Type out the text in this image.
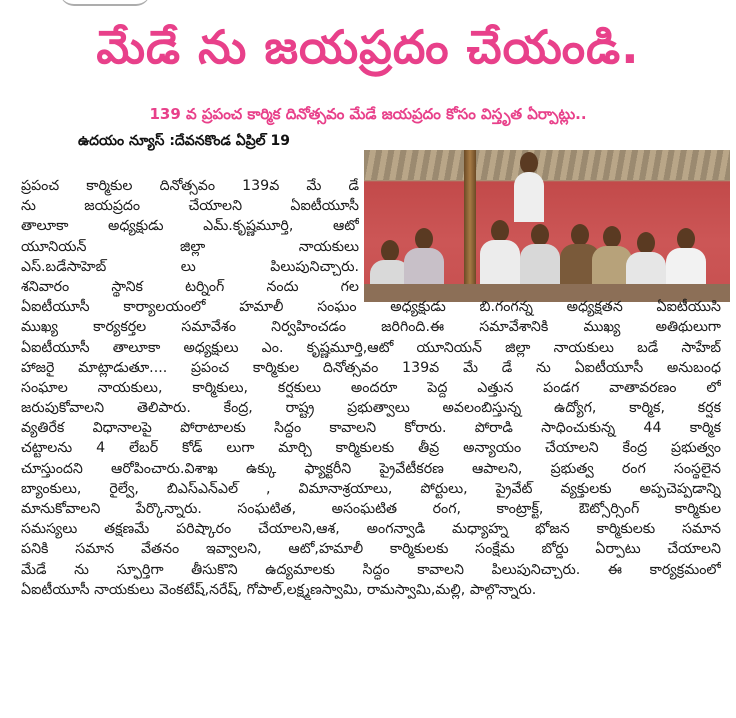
మేడే ను జయప్రదం చేయండి.
139 వ ప్రపంచ కార్మిక దినోత్సవం మేడే జయప్రదం కోసం విస్తృత ఏర్పాట్లు..
ఉదయం న్యూస్ :దేవనకొండ ఏప్రిల్ 19
ప్రపంచ కార్మికుల దినోత్సవం 139వ మే డే
ను జయప్రదం చేయాలని ఏఐటీయూసీ
తాలూకా అధ్యక్షుడు ఎమ్.కృష్ణమూర్తి, ఆటో
యూనియన్ జిల్లా నాయకులు
ఎస్.బడేసాహెబ్ లు పిలుపునిచ్చారు.
శనివారం స్థానిక టర్నింగ్ నందు గల
ఏఐటీయూసీ కార్యాలయంలో హమాలీ సంఘం అధ్యక్షుడు బి.గంగన్న అధ్యక్షతన ఏఐటీయుసి
ముఖ్య కార్యకర్తల సమావేశం నిర్వహించడం జరిగింది.ఈ సమావేశానికి ముఖ్య అతిథులుగా
ఏఐటీయూసీ తాలూకా అధ్యక్షులు ఎం. కృష్ణమూర్తి,ఆటో యూనియన్ జిల్లా నాయకులు బడే సాహేబ్
హాజరై మాట్లాడుతూ.... ప్రపంచ కార్మికుల దినోత్సవం 139వ మే డే ను ఏఐటీయూసీ అనుబంధ
సంఘాల నాయకులు, కార్మికులు, కర్షకులు అందరూ పెద్ద ఎత్తున పండగ వాతావరణం లో
జరుపుకోవాలని తెలిపారు. కేంద్ర, రాష్ట్ర ప్రభుత్వాలు అవలంబిస్తున్న ఉద్యోగ, కార్మిక, కర్షక
వ్యతిరేక విధానాలపై పోరాటాలకు సిద్ధం కావాలని కోరారు. పోరాడి సాధించుకున్న 44 కార్మిక
చట్టాలను 4 లేబర్ కోడ్ లుగా మార్చి కార్మికులకు తీవ్ర అన్యాయం చేయాలని కేంద్ర ప్రభుత్వం
చూస్తుందని ఆరోపించారు.విశాఖ ఉక్కు ఫ్యాక్టరీని ప్రైవేటీకరణ ఆపాలని, ప్రభుత్వ రంగ సంస్థలైన
బ్యాంకులు, రైల్వే, బిఎస్ఎన్ఎల్ , విమానాశ్రయాలు, పోర్టులు, ప్రైవేట్ వ్యక్తులకు అప్పచెప్పడాన్ని
మానుకోవాలని పేర్కొన్నారు. సంఘటిత, అసంఘటిత రంగ, కాంట్రాక్ట్, ఔట్సోర్సింగ్ కార్మికుల
సమస్యలు తక్షణమే పరిష్కారం చేయాలని,ఆశ, అంగన్వాడి మధ్యాహ్న భోజన కార్మికులకు సమాన
పనికి సమాన వేతనం ఇవ్వాలని, ఆటో,హమాలీ కార్మికులకు సంక్షేమ బోర్డు ఏర్పాటు చేయాలని
మేడే ను స్ఫూర్తిగా తీసుకొని ఉద్యమాలకు సిద్ధం కావాలని పిలుపునిచ్చారు. ఈ కార్యక్రమంలో
ఏఐటీయూసీ నాయకులు వెంకటేష్,నరేష్, గోపాల్,లక్ష్మణస్వామి, రామస్వామి,మల్లి, పాల్గొన్నారు.
